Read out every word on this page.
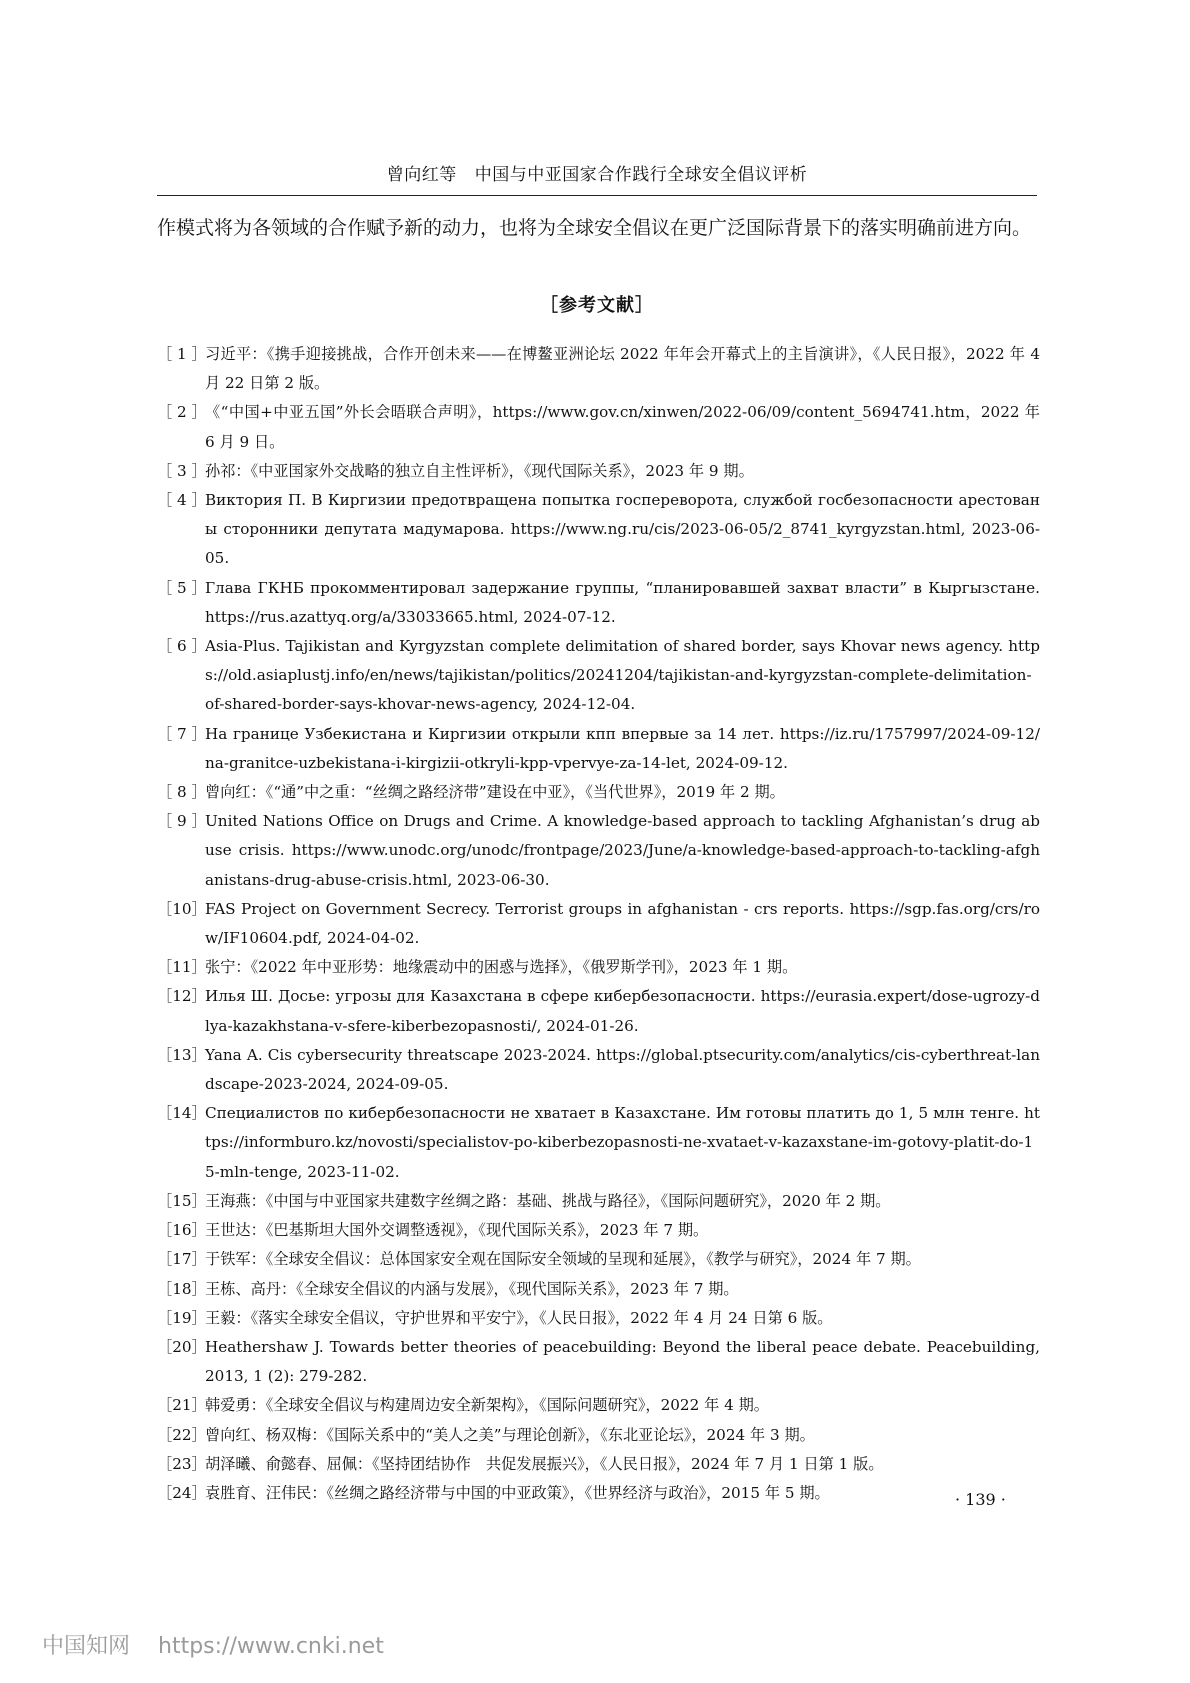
曾向红等 中国与中亚国家合作践行全球安全倡议评析
作模式将为各领域的合作赋予新的动力，也将为全球安全倡议在更广泛国际背景下的落实明确前进方向。
［参考文献］
［ 1 ］
习近平：《携手迎接挑战，合作开创未来——在博鳌亚洲论坛 2022 年年会开幕式上的主旨演讲》，《人民日报》，2022 年 4 月 22 日第 2 版。
［ 2 ］
《“中国+中亚五国”外长会晤联合声明》，https://www.gov.cn/xinwen/2022-06/09/content_5694741.htm，2022 年 6 月 9 日。
［ 3 ］
孙祁：《中亚国家外交战略的独立自主性评析》，《现代国际关系》，2023 年 9 期。
［ 4 ］
Виктория П. В Киргизии предотвращена попытка госпереворота, службой госбезопасности арестованы сторонники депутата мадумарова. https://www.ng.ru/cis/2023-06-05/2_8741_kyrgyzstan.html, 2023-06-05.
［ 5 ］
Глава ГКНБ прокомментировал задержание группы, “планировавшей захват власти” в Кыргызстане. https://rus.azattyq.org/a/33033665.html, 2024-07-12.
［ 6 ］
Asia-Plus. Tajikistan and Kyrgyzstan complete delimitation of shared border, says Khovar news agency. https://old.asiaplustj.info/en/news/tajikistan/politics/20241204/tajikistan-and-kyrgyzstan-complete-delimitation-of-shared-border-says-khovar-news-agency, 2024-12-04.
［ 7 ］
На границе Узбекистана и Киргизии открыли кпп впервые за 14 лет. https://iz.ru/1757997/2024-09-12/na-granitce-uzbekistana-i-kirgizii-otkryli-kpp-vpervye-za-14-let, 2024-09-12.
［ 8 ］
曾向红：《“通”中之重：“丝绸之路经济带”建设在中亚》，《当代世界》，2019 年 2 期。
［ 9 ］
United Nations Office on Drugs and Crime. A knowledge-based approach to tackling Afghanistan’s drug abuse crisis. https://www.unodc.org/unodc/frontpage/2023/June/a-knowledge-based-approach-to-tackling-afghanistans-drug-abuse-crisis.html, 2023-06-30.
［10］
FAS Project on Government Secrecy. Terrorist groups in afghanistan - crs reports. https://sgp.fas.org/crs/row/IF10604.pdf, 2024-04-02.
［11］
张宁：《2022 年中亚形势：地缘震动中的困惑与选择》，《俄罗斯学刊》，2023 年 1 期。
［12］
Илья Ш. Досье: угрозы для Казахстана в сфере кибербезопасности. https://eurasia.expert/dose-ugrozy-dlya-kazakhstana-v-sfere-kiberbezopasnosti/, 2024-01-26.
［13］
Yana A. Cis cybersecurity threatscape 2023-2024. https://global.ptsecurity.com/analytics/cis-cyberthreat-landscape-2023-2024, 2024-09-05.
［14］
Специалистов по кибербезопасности не хватает в Казахстане. Им готовы платить до 1, 5 млн тенге. https://informburo.kz/novosti/specialistov-po-kiberbezopasnosti-ne-xvataet-v-kazaxstane-im-gotovy-platit-do-15-mln-tenge, 2023-11-02.
［15］
王海燕：《中国与中亚国家共建数字丝绸之路：基础、挑战与路径》，《国际问题研究》，2020 年 2 期。
［16］
王世达：《巴基斯坦大国外交调整透视》，《现代国际关系》，2023 年 7 期。
［17］
于铁军：《全球安全倡议：总体国家安全观在国际安全领域的呈现和延展》，《教学与研究》，2024 年 7 期。
［18］
王栋、高丹：《全球安全倡议的内涵与发展》，《现代国际关系》，2023 年 7 期。
［19］
王毅：《落实全球安全倡议，守护世界和平安宁》，《人民日报》，2022 年 4 月 24 日第 6 版。
［20］
Heathershaw J. Towards better theories of peacebuilding: Beyond the liberal peace debate. Peacebuilding, 2013, 1 (2): 279-282.
［21］
韩爱勇：《全球安全倡议与构建周边安全新架构》，《国际问题研究》，2022 年 4 期。
［22］
曾向红、杨双梅：《国际关系中的“美人之美”与理论创新》，《东北亚论坛》，2024 年 3 期。
［23］
胡泽曦、俞懿春、屈佩：《坚持团结协作　共促发展振兴》，《人民日报》，2024 年 7 月 1 日第 1 版。
［24］
袁胜育、汪伟民：《丝绸之路经济带与中国的中亚政策》，《世界经济与政治》，2015 年 5 期。	· 139 ·
中国知网 https://www.cnki.net
